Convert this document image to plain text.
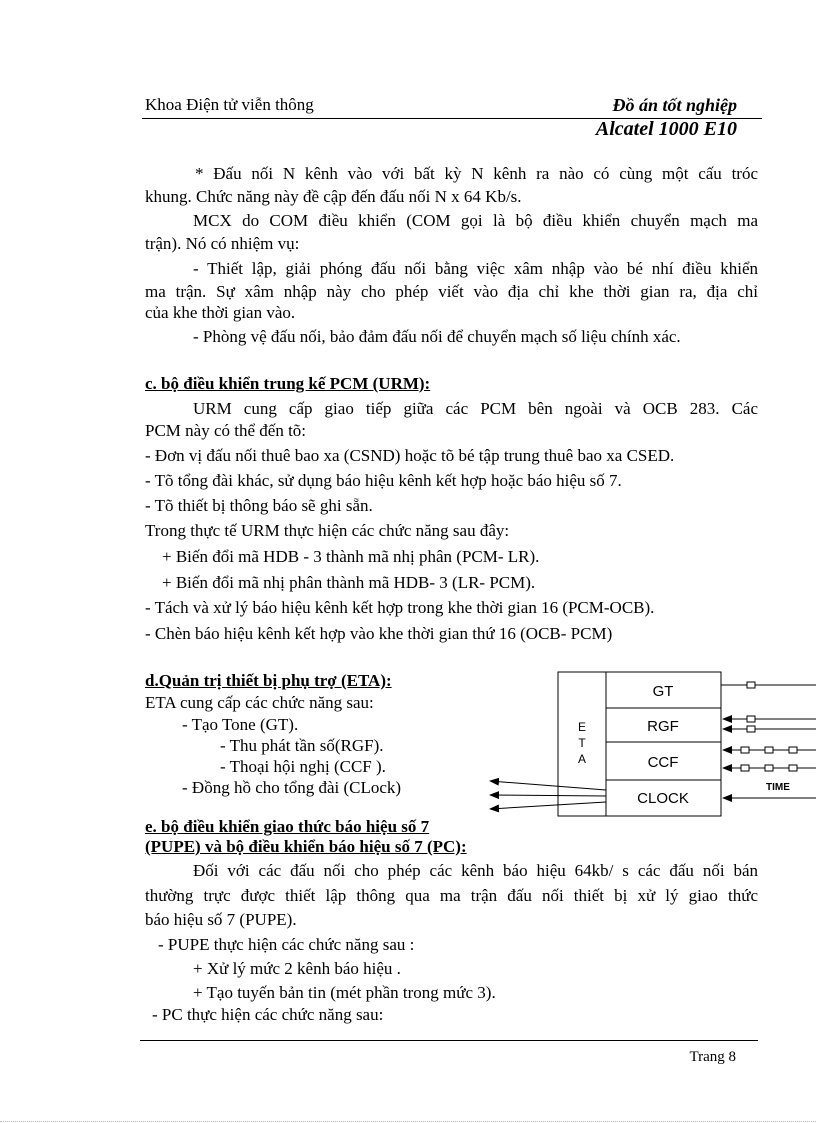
Khoa Điện tử viễn thông	Đồ án tốt nghiệp
Alcatel 1000 E10
* Đấu nối N kênh vào với bất kỳ N kênh ra nào có cùng một cấu tróc
khung. Chức năng này đề cập đến đấu nối N x 64 Kb/s.
MCX do COM điều khiển (COM gọi là bộ điều khiển chuyển mạch ma
trận). Nó có nhiệm vụ:
- Thiết lập, giải phóng đấu nối bằng việc xâm nhập vào bé nhí điều khiển
ma trận. Sự xâm nhập này cho phép viết vào địa chỉ khe thời gian ra, địa chỉ
của khe thời gian vào.
- Phòng vệ đấu nối, bảo đảm đấu nối để chuyển mạch số liệu chính xác.
c. bộ điều khiển trung kế PCM (URM):
URM cung cấp giao tiếp giữa các PCM bên ngoài và OCB 283. Các
PCM này có thể đến tõ:
- Đơn vị đấu nối thuê bao xa (CSND) hoặc tõ bé tập trung thuê bao xa CSED.
- Tõ tổng đài khác, sử dụng báo hiệu kênh kết hợp hoặc báo hiệu số 7.
- Tõ thiết bị thông báo sẽ ghi sẵn.
Trong thực tế URM thực hiện các chức năng sau đây:
+ Biến đổi mã HDB - 3 thành mã nhị phân (PCM- LR).
+ Biến đổi mã nhị phân thành mã HDB- 3 (LR- PCM).
- Tách và xử lý báo hiệu kênh kết hợp trong khe thời gian 16 (PCM-OCB).
- Chèn báo hiệu kênh kết hợp vào khe thời gian thứ 16 (OCB- PCM)
d.Quản trị thiết bị phụ trợ (ETA):
ETA cung cấp các chức năng sau:
- Tạo Tone (GT).
- Thu phát tần số(RGF).
- Thoại hội nghị (CCF ).
- Đồng hồ cho tổng đài (CLock)
e. bộ điều khiển giao thức báo hiệu số 7
(PUPE) và bộ điều khiển báo hiệu số 7 (PC):
Đối với các đấu nối cho phép các kênh báo hiệu 64kb/ s các đấu nối bán
thường trực được thiết lập thông qua ma trận đấu nối thiết bị xử lý giao thức
báo hiệu số 7 (PUPE).
- PUPE thực hiện các chức năng sau :
+ Xử lý mức 2 kênh báo hiệu .
+ Tạo tuyến bản tin (mét phần trong mức 3).
- PC thực hiện các chức năng sau:
E
T
A
GT
RGF
CCF
CLOCK
TIME
Trang 8
